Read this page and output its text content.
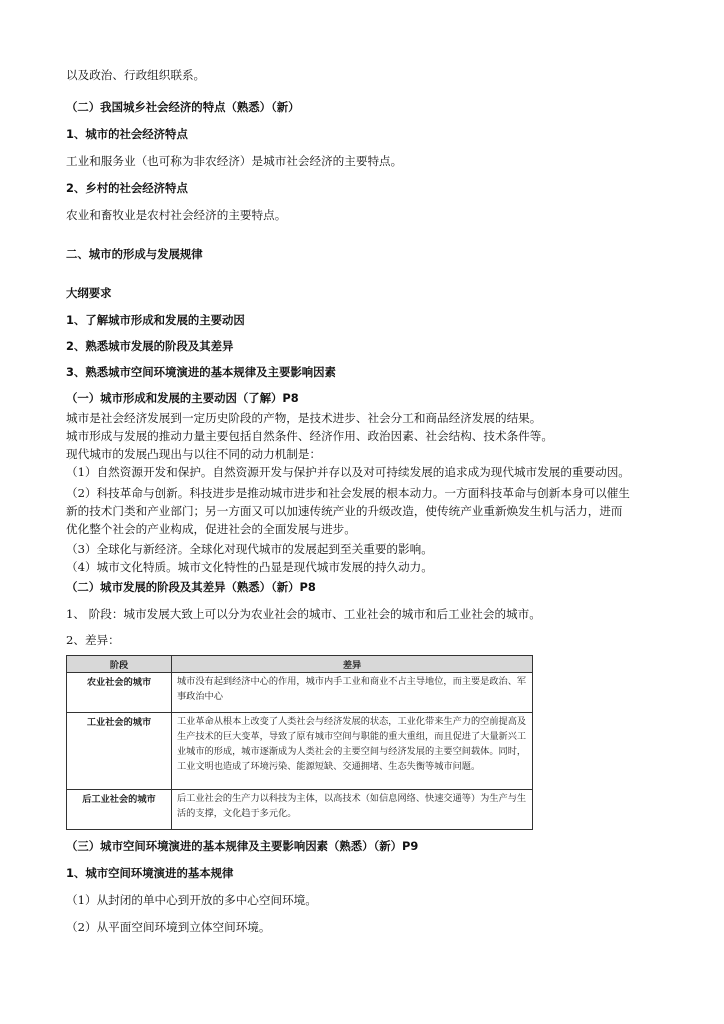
以及政治、行政组织联系。
（二）我国城乡社会经济的特点（熟悉）（新）
1、城市的社会经济特点
工业和服务业（也可称为非农经济）是城市社会经济的主要特点。
2、乡村的社会经济特点
农业和畜牧业是农村社会经济的主要特点。
二、城市的形成与发展规律
大纲要求
1、了解城市形成和发展的主要动因
2、熟悉城市发展的阶段及其差异
3、熟悉城市空间环境演进的基本规律及主要影响因素
（一）城市形成和发展的主要动因（了解）P8
城市是社会经济发展到一定历史阶段的产物，是技术进步、社会分工和商品经济发展的结果。
城市形成与发展的推动力量主要包括自然条件、经济作用、政治因素、社会结构、技术条件等。
现代城市的发展凸现出与以往不同的动力机制是：
（1）自然资源开发和保护。自然资源开发与保护并存以及对可持续发展的追求成为现代城市发展的重要动因。
（2）科技革命与创新。科技进步是推动城市进步和社会发展的根本动力。一方面科技革命与创新本身可以催生
新的技术门类和产业部门；另一方面又可以加速传统产业的升级改造，使传统产业重新焕发生机与活力，进而
优化整个社会的产业构成，促进社会的全面发展与进步。
（3）全球化与新经济。全球化对现代城市的发展起到至关重要的影响。
（4）城市文化特质。城市文化特性的凸显是现代城市发展的持久动力。
（二）城市发展的阶段及其差异（熟悉）（新）P8
1、 阶段：城市发展大致上可以分为农业社会的城市、工业社会的城市和后工业社会的城市。
2、差异：
阶段	差异
农业社会的城市	城市没有起到经济中心的作用，城市内手工业和商业不占主导地位，而主要是政治、军事政治中心
工业社会的城市	工业革命从根本上改变了人类社会与经济发展的状态，工业化带来生产力的空前提高及生产技术的巨大变革，导致了原有城市空间与职能的重大重组，而且促进了大量新兴工业城市的形成，城市逐渐成为人类社会的主要空间与经济发展的主要空间载体。同时，工业文明也造成了环境污染、能源短缺、交通拥堵、生态失衡等城市问题。
后工业社会的城市	后工业社会的生产力以科技为主体，以高技术（如信息网络、快速交通等）为生产与生活的支撑，文化趋于多元化。
（三）城市空间环境演进的基本规律及主要影响因素（熟悉）（新）P9
1、城市空间环境演进的基本规律
（1）从封闭的单中心到开放的多中心空间环境。
（2）从平面空间环境到立体空间环境。
